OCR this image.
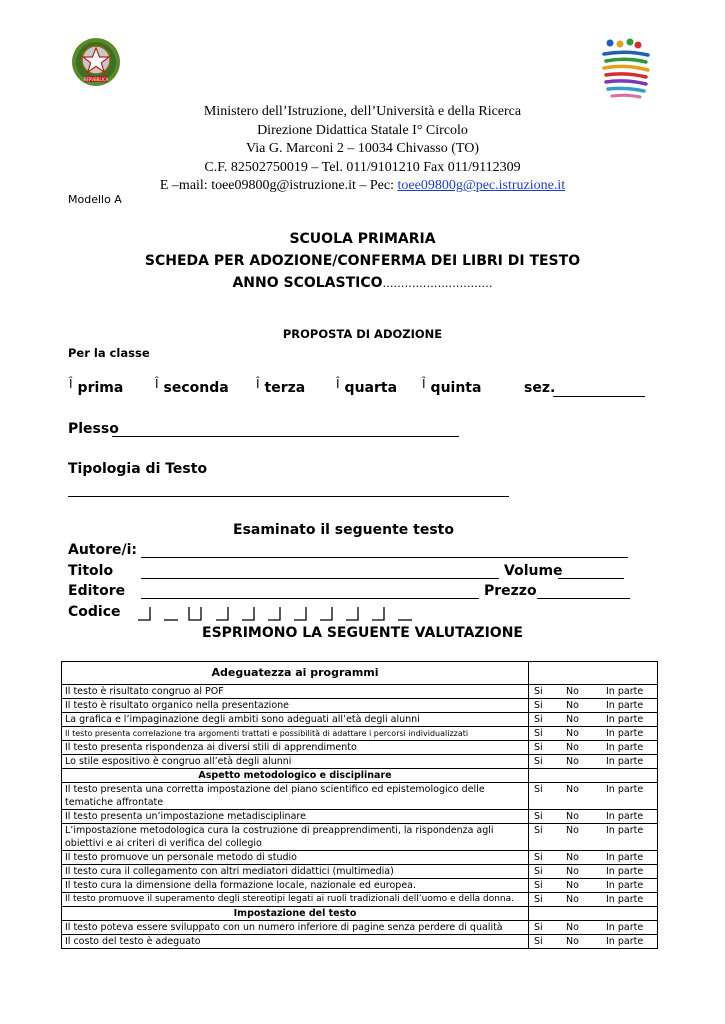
REPVBBLICA
Ministero dell’Istruzione, dell’Università e della Ricerca
Direzione Didattica Statale I° Circolo
Via G. Marconi 2 – 10034 Chivasso (TO)
C.F. 82502750019 – Tel. 011/9101210 Fax 011/9112309
E –mail: toee09800g@istruzione.it – Pec: toee09800g@pec.istruzione.it
Modello A
SCUOLA PRIMARIA
SCHEDA PER ADOZIONE/CONFERMA DEI LIBRI DI TESTO
ANNO SCOLASTICO…………………………
PROPOSTA DI ADOZIONE
Per la classe
Î prima	Î seconda Î terza	Î quarta Î quinta	sez.
Plesso
Tipologia di Testo
Esaminato il seguente testo
Autore/i:
Titolo	Volume
Editore	Prezzo
Codice
ESPRIMONO LA SEGUENTE VALUTAZIONE
Adeguatezza ai programmi	
Il testo è risultato congruo al POF	Si No In parte
Il testo è risultato organico nella presentazione	Si No In parte
La grafica e l’impaginazione degli ambiti sono adeguati all’età degli alunni	Si No In parte
Il testo presenta correlazione tra argomenti trattati e possibilità di adattare i percorsi individualizzati	Si No In parte
Il testo presenta rispondenza ai diversi stili di apprendimento	Si No In parte
Lo stile espositivo è congruo all’età degli alunni	Si No In parte
Aspetto metodologico e disciplinare	
Il testo presenta una corretta impostazione del piano scientifico ed epistemologico delle tematiche affrontate	Si No In parte
Il testo presenta un’impostazione metadisciplinare	Si No In parte
L’impostazione metodologica cura la costruzione di preapprendimenti, la rispondenza agli obiettivi e ai criteri di verifica del collegio	Si No In parte
Il testo promuove un personale metodo di studio	Si No In parte
Il testo cura il collegamento con altri mediatori didattici (multimedia)	Si No In parte
Il testo cura la dimensione della formazione locale, nazionale ed europea.	Si No In parte
Il testo promuove il superamento degli stereotipi legati ai ruoli tradizionali dell’uomo e della donna.	Si No In parte
Impostazione del testo	
Il testo poteva essere sviluppato con un numero inferiore di pagine senza perdere di qualità	Si No In parte
Il costo del testo è adeguato	Si No In parte
